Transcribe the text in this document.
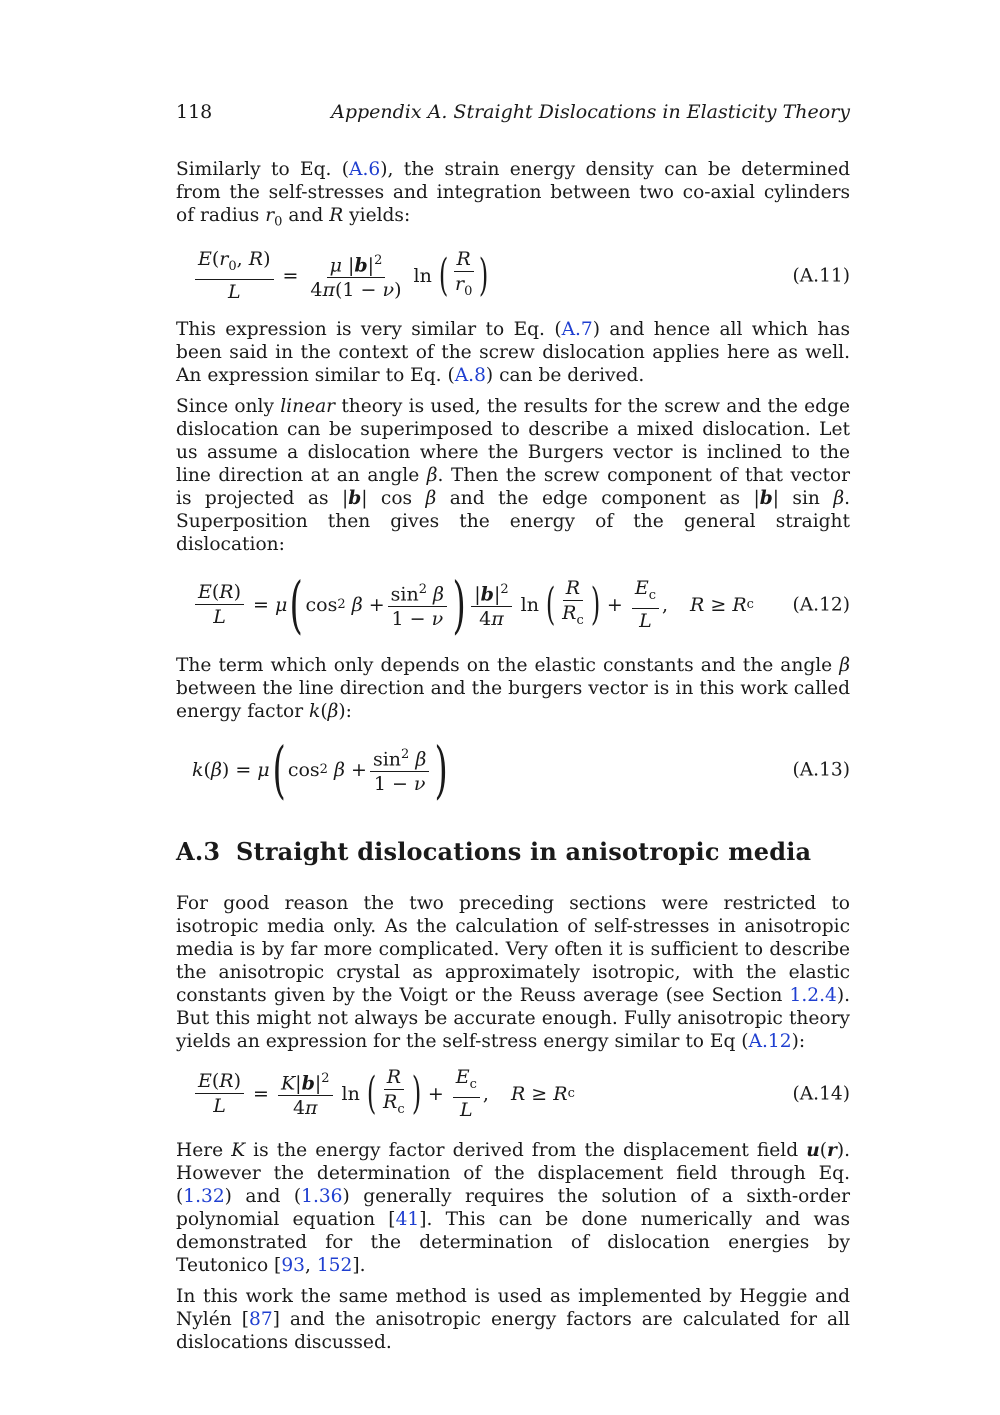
118	Appendix A. Straight Dislocations in Elasticity Theory

Similarly to Eq. (A.6), the strain energy density can be determined from the self-stresses and integration between two co-axial cylinders of radius $r_0$ and R yields:

$\frac{E(r_0, R)}{L} = \frac{\mu |b|^2}{4\pi(1 - \nu)}$ ln ( $\frac{R}{r_0}$ )	(A.11)

This expression is very similar to Eq. (A.7) and hence all which has been said in the context of the screw dislocation applies here as well. An expression similar to Eq. (A.8) can be derived.

Since only linear theory is used, the results for the screw and the edge dislocation can be superimposed to describe a mixed dislocation. Let us assume a dislocation where the Burgers vector is inclined to the line direction at an angle β. Then the screw component of that vector is projected as |b| cos β and the edge component as |b| sin β. Superposition then gives the energy of the general straight dislocation:

$\frac{E(R)}{L} = \mu$ ( cos 2
$\beta + \frac{\sin^2 \beta}{1 - \nu}$ ) $\frac{|b|^2}{4\pi}$ ln ( $\frac{R}{R_c}$ ) + $\frac{E_c}{L}$ , R ≥ R c (A.12)

The term which only depends on the elastic constants and the angle β between the line direction and the burgers vector is in this work called energy factor k(β):

k ( β ) = μ ( cos 2
$\beta + \frac{\sin^2 \beta}{1 - \nu}$ )	(A.13)
A.3 Straight dislocations in anisotropic media

For good reason the two preceding sections were restricted to isotropic media only. As the calculation of self-stresses in anisotropic media is by far more complicated. Very often it is sufficient to describe the anisotropic crystal as approximately isotropic, with the elastic constants given by the Voigt or the Reuss average (see Section 1.2.4). But this might not always be accurate enough. Fully anisotropic theory yields an expression for the self-stress energy similar to Eq (A.12):

$\frac{E(R)}{L} = \frac{K|b|^2}{4\pi}$ ln ( $\frac{R}{R_c}$ ) + $\frac{E_c}{L}$ , R ≥ R c	(A.14)

Here K is the energy factor derived from the displacement field u(r). However the determination of the displacement field through Eq. (1.32) and (1.36) generally requires the solution of a sixth-order polynomial equation [41]. This can be done numerically and was demonstrated for the determination of dislocation energies by Teutonico [93, 152].

In this work the same method is used as implemented by Heggie and Nylén [87] and the anisotropic energy factors are calculated for all dislocations discussed.
